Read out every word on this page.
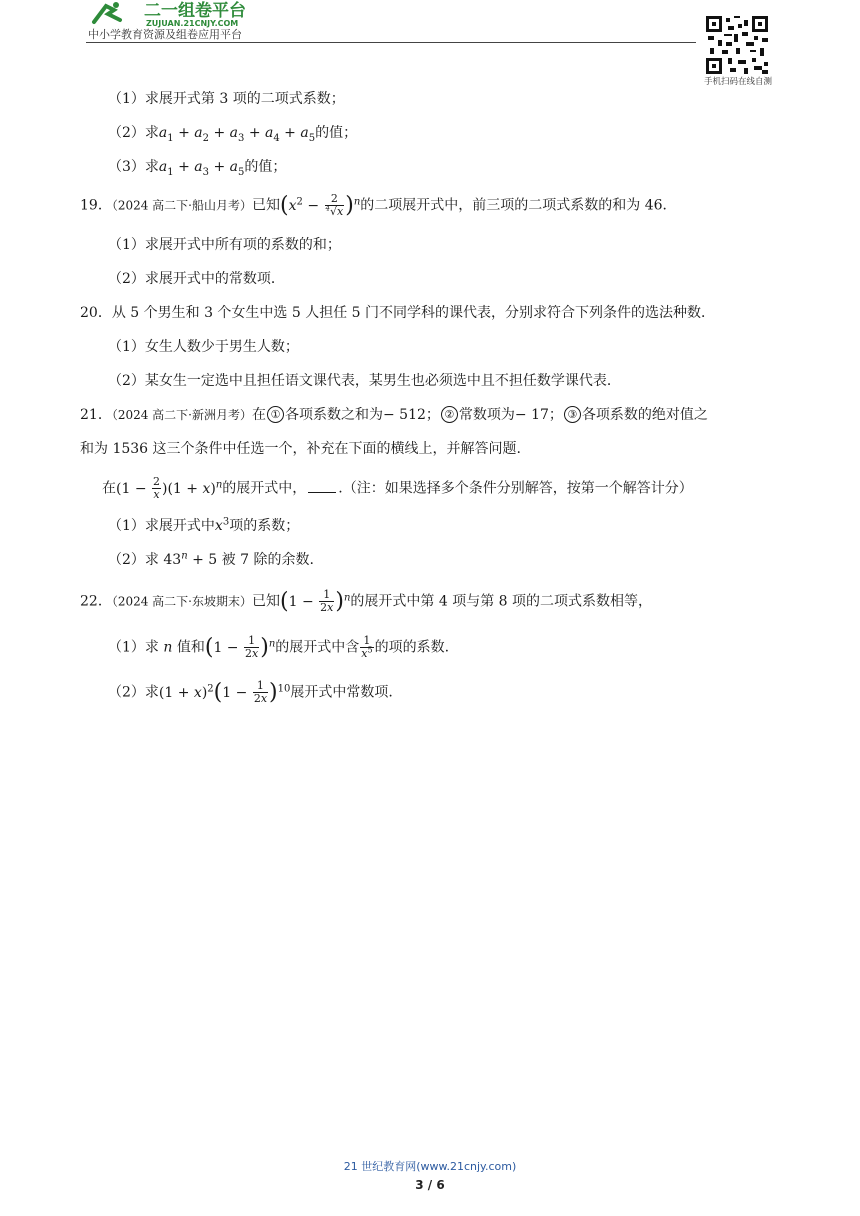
二一组卷平台
ZUJUAN.21CNJY.COM
中小学教育资源及组卷应用平台
手机扫码在线自测
（1）求展开式第 3 项的二项式系数；
（2）求$a_1 + a_2 + a_3 + a_4 + a_5$的值；
（3）求$a_1 + a_3 + a_5$的值；
19．（2024 高二下·船山月考）已知$(x^2 - \frac{2}{^4√x} )^n$的二项展开式中，前三项的二项式系数的和为 46．
（1）求展开式中所有项的系数的和；
（2）求展开式中的常数项．
20．从 5 个男生和 3 个女生中选 5 人担任 5 门不同学科的课代表，分别求符合下列条件的选法种数．
（1）女生人数少于男生人数；
（2）某女生一定选中且担任语文课代表，某男生也必须选中且不担任数学课代表．
21．（2024 高二下·新洲月考）在 ① 各项系数之和为− 512； ② 常数项为− 17； ③ 各项系数的绝对值之
和为 1536 这三个条件中任选一个，补充在下面的横线上，并解答问题.
在$(1 - \frac{2}{x} )(1 + x)^n$的展开式中， .（注：如果选择多个条件分别解答，按第一个解答计分）
（1）求展开式中$x^3$项的系数；
（2）求 $43^n + 5$ 被 7 除的余数.
22．（2024 高二下·东坡期末）已知$(1 - \frac{1}{2x} )^n$的展开式中第 4 项与第 8 项的二项式系数相等，
（1）求 n 值和$(1 - \frac{1}{2x} )^n$的展开式中含 $\frac{1}{x^5}$ 的项的系数.
（2）求$(1 + x)^2(1 - \frac{1}{2x} )^{10}$展开式中常数项.
21 世纪教育网(www.21cnjy.com)
3 / 6
